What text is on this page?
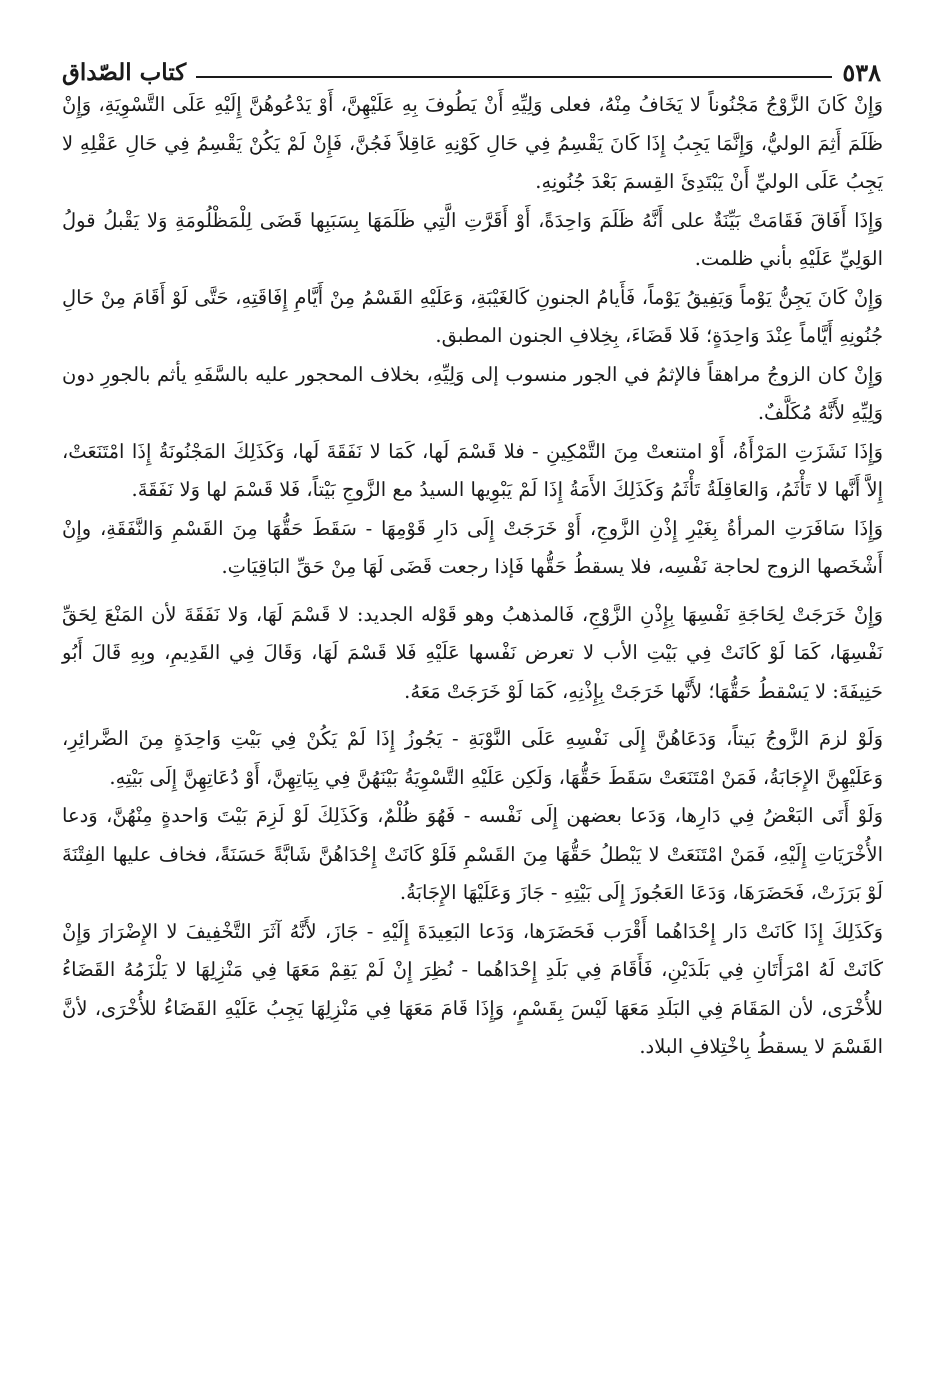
كتاب الصّداق	٥٣٨

وَإِنْ كَانَ الزَّوْجُ مَجْنُوناً لا يَخَافُ مِنْهُ، فعلى وَلِيِّهِ أَنْ يَطُوفَ بِهِ عَلَيْهِنَّ، أَوْ يَدْعُوهُنَّ إِلَيْهِ عَلَى التَّسْوِيَةِ، وَإِنْ ظَلَمَ أَثِمَ الوليُّ، وَإِنَّمَا يَجِبُ إِذَا كَانَ يَقْسِمُ فِي حَالِ كَوْنِهِ عَاقِلاً فَجُنَّ، فَإِنْ لَمْ يَكُنْ يَقْسِمُ فِي حَالِ عَقْلِهِ لا يَجِبُ عَلَى الوليِّ أَنْ يَبْتَدِئَ القِسمَ بَعْدَ جُنُونِهِ.

وَإِذَا أَفَاقَ فَقَامَتْ بَيِّنَةٌ على أَنَّهُ ظَلَمَ وَاحِدَةً، أَوْ أَقَرَّتِ الَّتِي ظَلَمَهَا بِسَبَبِها قَضَى لِلْمَظْلُومَةِ وَلا يَقْبلُ قولُ الوَلِيِّ عَلَيْهِ بأني ظلمت.

وَإِنْ كَانَ يَجِنُّ يَوْماً وَيَفِيقُ يَوْماً، فَأَيامُ الجنونِ كَالغَيْبَةِ، وَعَلَيْهِ القَسْمُ مِنْ أَيَّامِ إِفَاقَتِهِ، حَتَّى لَوْ أَقَامَ مِنْ حَالِ جُنُونِهِ أَيَّاماً عِنْدَ وَاحِدَةٍ؛ فَلا قَضَاءَ، بِخِلافِ الجنون المطبق.

وَإِنْ كان الزوجُ مراهقاً فالإثمُ في الجور منسوب إلى وَلِيِّهِ، بخلاف المحجور عليه بالسَّفَهِ يأثم بالجورِ دون وَلِيِّهِ لأَنَّهُ مُكَلَّفٌ.

وَإِذَا نَشَزَتِ المَرْأَةُ، أَوْ امتنعتْ مِنَ التَّمْكِينِ - فلا قَسْمَ لَها، كَمَا لا نَفَقَةَ لَها، وَكَذَلِكَ المَجْنُونَةُ إِذَا امْتَنَعَتْ، إِلاَّ أَنَّها لا تَأْثَمُ، وَالعَاقِلَةُ تَأْثَمُ وَكَذَلِكَ الأَمَةُ إِذَا لَمْ يَبْوِيها السيدُ مع الزَّوجِ بَيْتاً، فَلا قَسْمَ لها وَلا نَفَقَةَ.

وَإِذَا سَافَرَتِ المرأةُ بِغَيْرِ إِذْنِ الزَّوجِ، أَوْ خَرَجَتْ إِلَى دَارِ قَوْمِهَا - سَقَطَ حَقُّهَا مِنَ القَسْمِ وَالنَّفَقَةِ، وإِنْ أَشْخَصها الزوج لحاجة نَفْسِه، فلا يسقطُ حَقُّها فَإذا رجعت قَضَى لَهَا مِنْ حَقِّ البَاقِيَاتِ.

وَإِنْ خَرَجَتْ لِحَاجَةِ نَفْسِهَا بِإِذْنِ الزَّوْجِ، فَالمذهبُ وهو قَوْله الجديد: لا قَسْمَ لَهَا، وَلا نَفَقَةَ لأن المَنْعَ لِحَقِّ نَفْسِهَا، كَمَا لَوْ كَانَتْ فِي بَيْتِ الأب لا تعرض نَفْسها عَلَيْهِ فَلا قَسْمَ لَهَا، وَقَالَ فِي القَدِيمِ، وبِهِ قَالَ أَبُو حَنِيفَةَ: لا يَسْقطُ حَقُّهَا؛ لأَنَّها خَرَجَتْ بِإِذْنِهِ، كَمَا لَوْ خَرَجَتْ مَعَهُ.

وَلَوْ لزمَ الزَّوجُ بَيتاً، وَدَعَاهُنَّ إِلَى نَفْسِهِ عَلَى النَّوْبَةِ - يَجُوزُ إِذَا لَمْ يَكُنْ فِي بَيْتِ وَاحِدَةٍ مِنَ الضَّرائِرِ، وَعَلَيْهِنَّ الإِجَابَةُ، فَمَنْ امْتَنَعَتْ سَقَطَ حَقُّهَا، وَلَكِن عَلَيْهِ التَّسْوِيَةُ بَيْنَهُنَّ فِي بِيَاتِهِنَّ، أَوْ دُعَاتِهِنَّ إِلَى بَيْتِهِ.

وَلَوْ أَتَى البَعْضُ فِي دَارِها، وَدَعا بعضهن إِلَى نَفْسه - فَهُوَ ظُلْمٌ، وَكَذَلِكَ لَوْ لَزِمَ بَيْتَ وَاحدةٍ مِنْهُنَّ، وَدعا الأُخْرَيَاتِ إِلَيْهِ، فَمَنْ امْتَنَعَتْ لا يَبْطلُ حَقُّهَا مِنَ القَسْمِ فَلَوْ كَانَتْ إِحْدَاهُنَّ شَابَّةً حَسَنَةً، فخاف عليها الفِتْنَةَ لَوْ بَرَزَتْ، فَحَضَرَهَا، وَدَعَا العَجُوزَ إِلَى بَيْتِهِ - جَازَ وَعَلَيْهَا الإِجَابَةُ.

وَكَذَلِكَ إِذَا كَانَتْ دَار إِحْدَاهُما أَقْرَب فَحَضَرَها، وَدَعا البَعِيدَةَ إِلَيْهِ - جَازَ، لأَنَّهُ آثَرَ التَّخْفِيفَ لا الإِضْرَارَ وَإِنْ كَانَتْ لَهُ امْرَأَتَانِ فِي بَلَدَيْنِ، فَأَقَامَ فِي بَلَدِ إِحْدَاهُما - نُظِرَ إِنْ لَمْ يَقِمْ مَعَهَا فِي مَنْزِلِهَا لا يَلْزَمُهُ القَضَاءُ للأُخْرَى، لأن المَقَامَ فِي البَلَدِ مَعَهَا لَيْسَ بِقَسْمٍ، وَإِذَا قَامَ مَعَهَا فِي مَنْزِلِهَا يَجِبُ عَلَيْهِ القَضَاءُ للأُخْرَى، لأنَّ القَسْمَ لا يسقطُ بِاخْتِلافِ البلاد.
